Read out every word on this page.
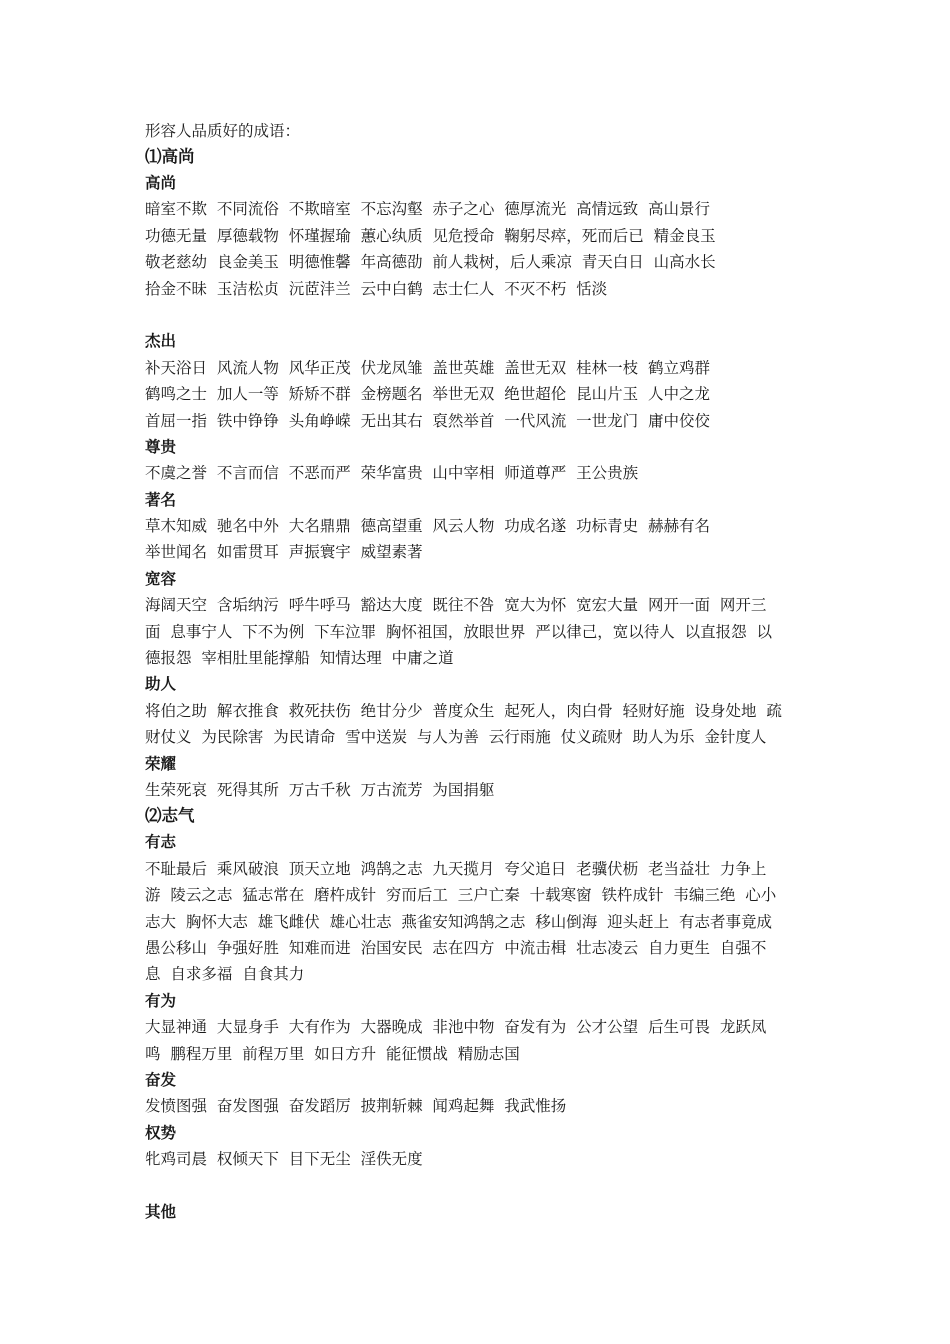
形容人品质好的成语：
⑴高尚
高尚
暗室不欺  不同流俗  不欺暗室  不忘沟壑  赤子之心  德厚流光  高情远致  高山景行
功德无量  厚德载物  怀瑾握瑜  蕙心纨质  见危授命  鞠躬尽瘁，死而后已  精金良玉
敬老慈幼  良金美玉  明德惟馨  年高德劭  前人栽树，后人乘凉  青天白日  山高水长
拾金不昧  玉洁松贞  沅茝沣兰  云中白鹤  志士仁人  不灭不朽  恬淡
杰出
补天浴日  风流人物  风华正茂  伏龙凤雏  盖世英雄  盖世无双  桂林一枝  鹤立鸡群
鹤鸣之士  加人一等  矫矫不群  金榜题名  举世无双  绝世超伦  昆山片玉  人中之龙
首屈一指  铁中铮铮  头角峥嵘  无出其右  裒然举首  一代风流  一世龙门  庸中佼佼
尊贵
不虞之誉  不言而信  不恶而严  荣华富贵  山中宰相  师道尊严  王公贵族
著名
草木知威  驰名中外  大名鼎鼎  德高望重  风云人物  功成名遂  功标青史  赫赫有名
举世闻名  如雷贯耳  声振寰宇  威望素著
宽容
海阔天空  含垢纳污  呼牛呼马  豁达大度  既往不咎  宽大为怀  宽宏大量  网开一面  网开三
面  息事宁人  下不为例  下车泣罪  胸怀祖国，放眼世界  严以律己，宽以待人  以直报怨  以
德报怨  宰相肚里能撑船  知情达理  中庸之道
助人
将伯之助  解衣推食  救死扶伤  绝甘分少  普度众生  起死人，肉白骨  轻财好施  设身处地  疏
财仗义  为民除害  为民请命  雪中送炭  与人为善  云行雨施  仗义疏财  助人为乐  金针度人
荣耀
生荣死哀  死得其所  万古千秋  万古流芳  为国捐躯
⑵志气
有志
不耻最后  乘风破浪  顶天立地  鸿鹄之志  九天揽月  夸父追日  老骥伏枥  老当益壮  力争上
游  陵云之志  猛志常在  磨杵成针  穷而后工  三户亡秦  十载寒窗  铁杵成针  韦编三绝  心小
志大  胸怀大志  雄飞雌伏  雄心壮志  燕雀安知鸿鹄之志  移山倒海  迎头赶上  有志者事竟成
愚公移山  争强好胜  知难而进  治国安民  志在四方  中流击楫  壮志凌云  自力更生  自强不
息  自求多福  自食其力
有为
大显神通  大显身手  大有作为  大器晚成  非池中物  奋发有为  公才公望  后生可畏  龙跃凤
鸣  鹏程万里  前程万里  如日方升  能征惯战  精励志国
奋发
发愤图强  奋发图强  奋发蹈厉  披荆斩棘  闻鸡起舞  我武惟扬
权势
牝鸡司晨  权倾天下  目下无尘  淫佚无度
其他
